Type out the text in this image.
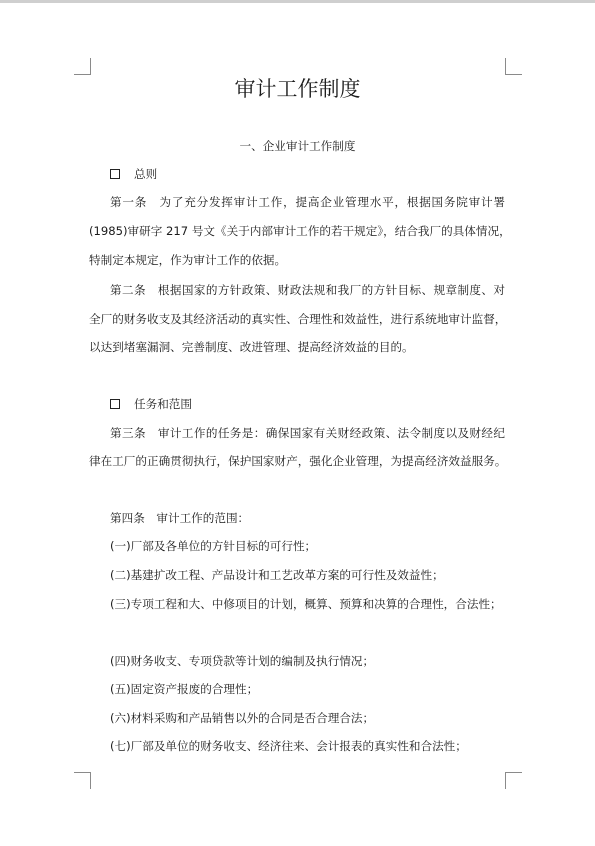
审计工作制度
一、企业审计工作制度
总则
第一条　为了充分发挥审计工作，提高企业管理水平，根据国务院审计署
(1985)审研字 217 号文《关于内部审计工作的若干规定》，结合我厂的具体情况，
特制定本规定，作为审计工作的依据。
第二条　根据国家的方针政策、财政法规和我厂的方针目标、规章制度、对
全厂的财务收支及其经济活动的真实性、合理性和效益性，进行系统地审计监督，
以达到堵塞漏洞、完善制度、改进管理、提高经济效益的目的。
任务和范围
第三条　审计工作的任务是：确保国家有关财经政策、法令制度以及财经纪
律在工厂的正确贯彻执行，保护国家财产，强化企业管理，为提高经济效益服务。
第四条　审计工作的范围：
(一)厂部及各单位的方针目标的可行性；
(二)基建扩改工程、产品设计和工艺改革方案的可行性及效益性；
(三)专项工程和大、中修项目的计划，概算、预算和决算的合理性，合法性；
(四)财务收支、专项贷款等计划的编制及执行情况；
(五)固定资产报废的合理性；
(六)材料采购和产品销售以外的合同是否合理合法；
(七)厂部及单位的财务收支、经济往来、会计报表的真实性和合法性；
